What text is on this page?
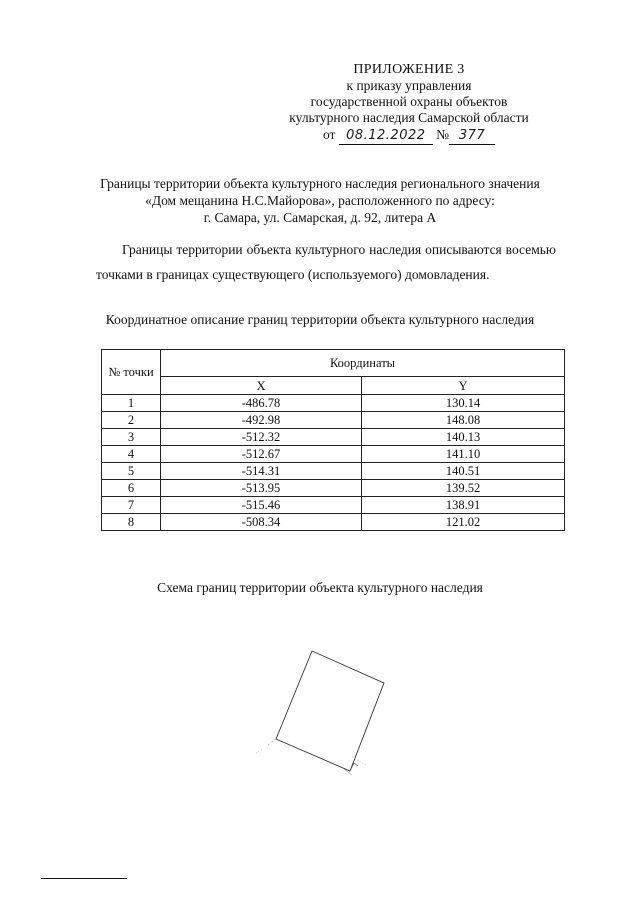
ПРИЛОЖЕНИЕ 3
к приказу управления
государственной охраны объектов
культурного наследия Самарской области
от 08.12.2022 № 377
Границы территории объекта культурного наследия регионального значения
«Дом мещанина Н.С.Майорова», расположенного по адресу:
г. Самара, ул. Самарская, д. 92, литера А
Границы территории объекта культурного наследия описываются восемью точками в границах существующего (используемого) домовладения.
Координатное описание границ территории объекта культурного наследия
№ точки	Координаты	
	X	Y
1	-486.78	130.14
2	-492.98	148.08
3	-512.32	140.13
4	-512.67	141.10
5	-514.31	140.51
6	-513.95	139.52
7	-515.46	138.91
8	-508.34	121.02
Схема границ территории объекта культурного наследия
